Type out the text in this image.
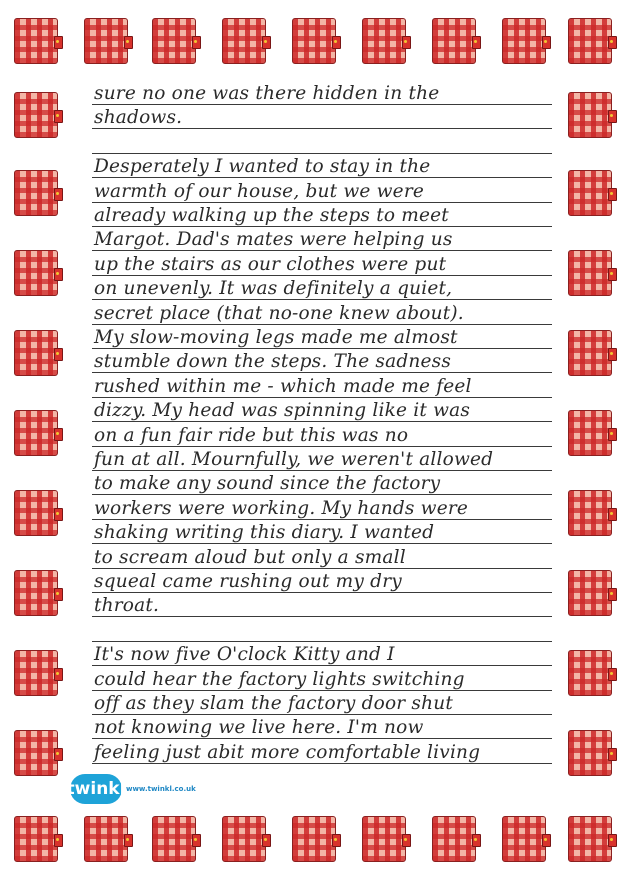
sure no one was there hidden in the
shadows.
Desperately I wanted to stay in the
warmth of our house, but we were
already walking up the steps to meet
Margot. Dad's mates were helping us
up the stairs as our clothes were put
on unevenly. It was definitely a quiet,
secret place (that no-one knew about).
My slow-moving legs made me almost
stumble down the steps. The sadness
rushed within me - which made me feel
dizzy. My head was spinning like it was
on a fun fair ride but this was no
fun at all. Mournfully, we weren't allowed
to make any sound since the factory
workers were working. My hands were
shaking writing this diary. I wanted
to scream aloud but only a small
squeal came rushing out my dry
throat.
It's now five O'clock Kitty and I
could hear the factory lights switching
off as they slam the factory door shut
not knowing we live here. I'm now
feeling just abit more comfortable living
twinkl www.twinkl.co.uk
